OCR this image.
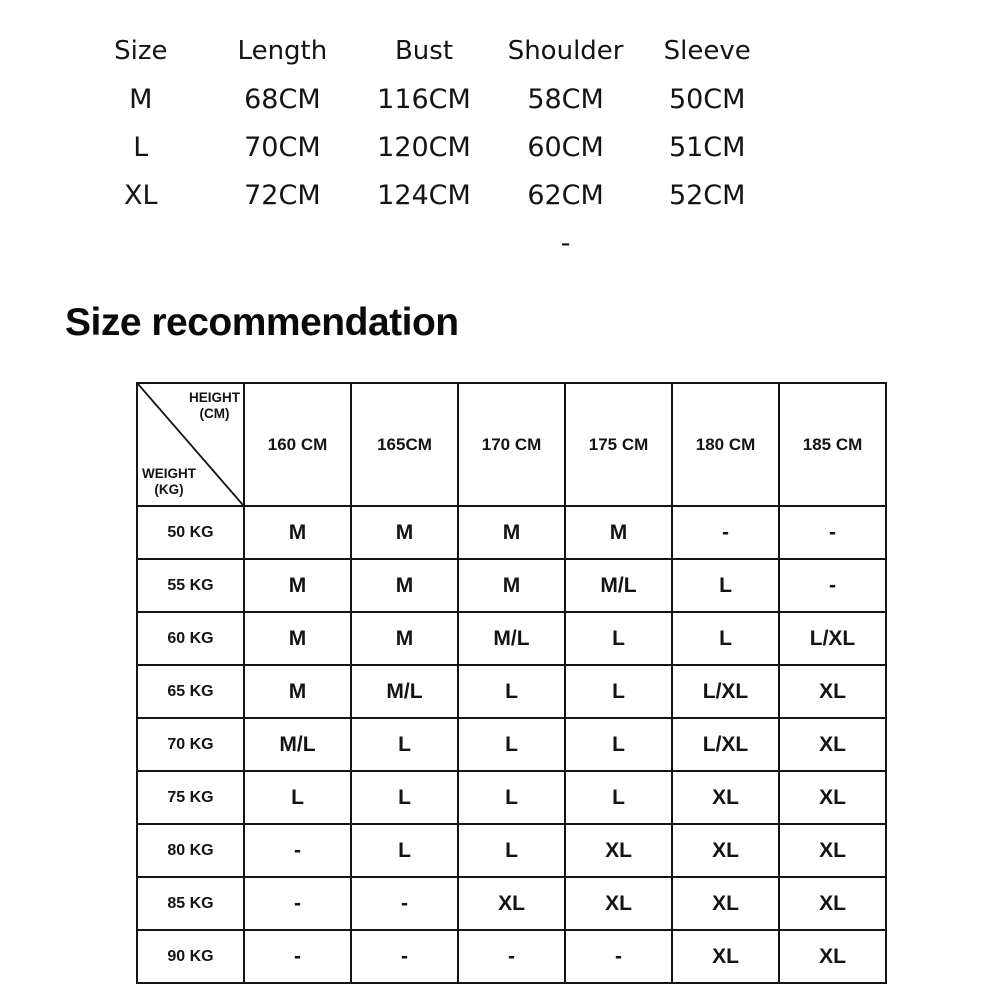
Size	Length	Bust	Shoulder	Sleeve
M	68CM	116CM	58CM	50CM
L	70CM	120CM	60CM	51CM
XL	72CM	124CM	62CM	52CM
-
Size recommendation
HEIGHT
(CM)
WEIGHT
(KG)	160 CM	165CM	170 CM	175 CM	180 CM	185 CM
50 KG	M	M	M	M	-	-
55 KG	M	M	M	M/L	L	-
60 KG	M	M	M/L	L	L	L/XL
65 KG	M	M/L	L	L	L/XL	XL
70 KG	M/L	L	L	L	L/XL	XL
75 KG	L	L	L	L	XL	XL
80 KG	-	L	L	XL	XL	XL
85 KG	-	-	XL	XL	XL	XL
90 KG	-	-	-	-	XL	XL
